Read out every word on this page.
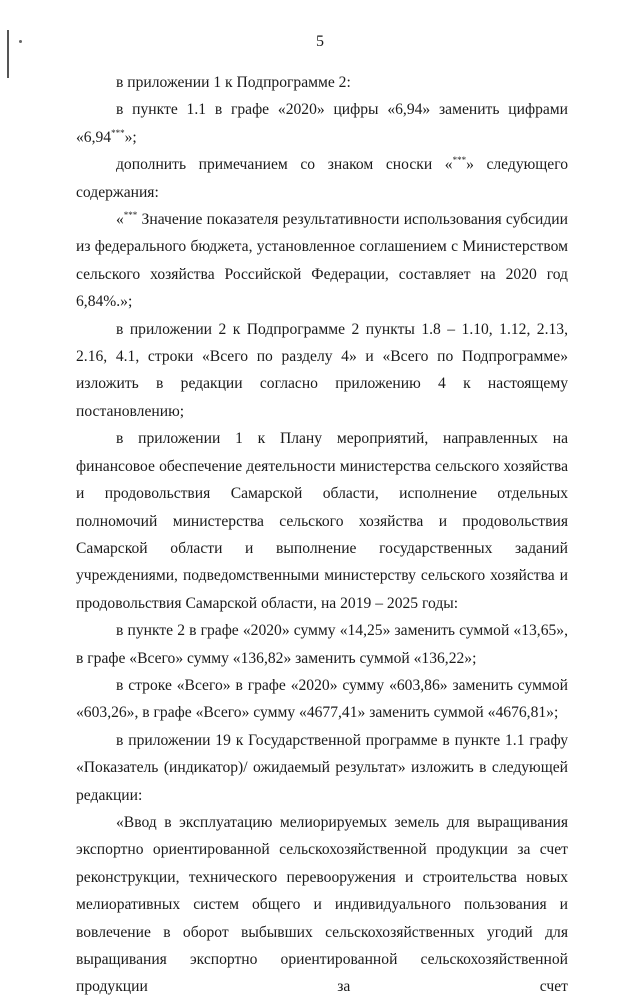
5

в приложении 1 к Подпрограмме 2:

в пункте 1.1 в графе «2020» цифры «6,94» заменить цифрами «6,94***»;

дополнить примечанием со знаком сноски «***» следующего содержания:

«*** Значение показателя результативности использования субсидии из федерального бюджета, установленное соглашением с Министерством сельского хозяйства Российской Федерации, составляет на 2020 год 6,84%.»;

в приложении 2 к Подпрограмме 2 пункты 1.8 – 1.10, 1.12, 2.13, 2.16, 4.1, строки «Всего по разделу 4» и «Всего по Подпрограмме» изложить в редакции согласно приложению 4 к настоящему постановлению;

в приложении 1 к Плану мероприятий, направленных на финансовое обеспечение деятельности министерства сельского хозяйства и продовольствия Самарской области, исполнение отдельных полномочий министерства сельского хозяйства и продовольствия Самарской области и выполнение государственных заданий учреждениями, подведомственными министерству сельского хозяйства и продовольствия Самарской области, на 2019 – 2025 годы:

в пункте 2 в графе «2020» сумму «14,25» заменить суммой «13,65», в графе «Всего» сумму «136,82» заменить суммой «136,22»;

в строке «Всего» в графе «2020» сумму «603,86» заменить суммой «603,26», в графе «Всего» сумму «4677,41» заменить суммой «4676,81»;

в приложении 19 к Государственной программе в пункте 1.1 графу «Показатель (индикатор)/ ожидаемый результат» изложить в следующей редакции:

«Ввод в эксплуатацию мелиорируемых земель для выращивания экспортно ориентированной сельскохозяйственной продукции за счет реконструкции, технического перевооружения и строительства новых мелиоративных систем общего и индивидуального пользования и вовлечение в оборот выбывших сельскохозяйственных угодий для выращивания экспортно ориентированной сельскохозяйственной продукции за счет
